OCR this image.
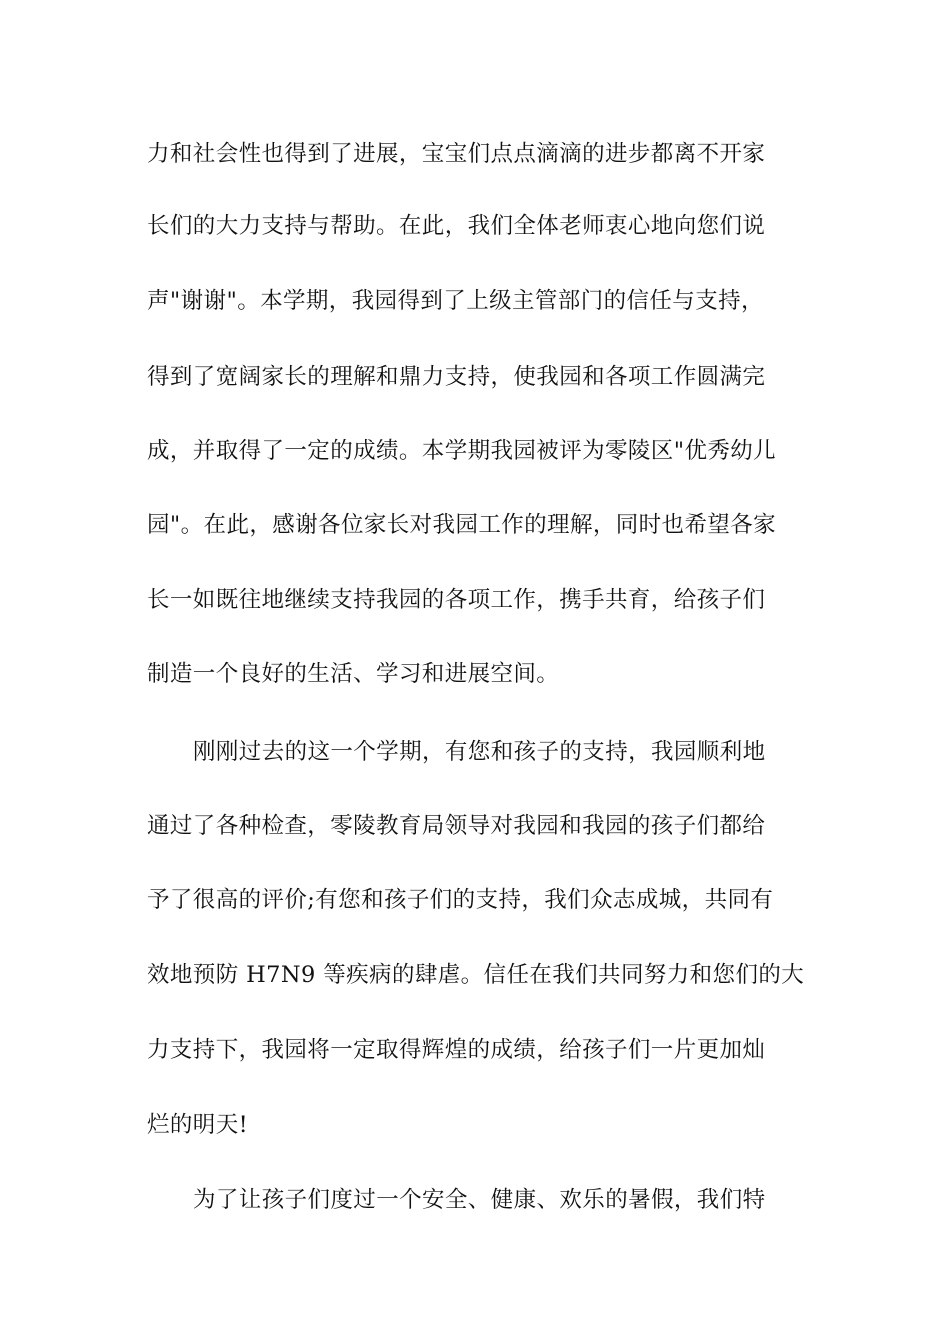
力和社会性也得到了进展，宝宝们点点滴滴的进步都离不开家
长们的大力支持与帮助。在此，我们全体老师衷心地向您们说
声"谢谢"。本学期，我园得到了上级主管部门的信任与支持，
得到了宽阔家长的理解和鼎力支持，使我园和各项工作圆满完
成，并取得了一定的成绩。本学期我园被评为零陵区"优秀幼儿
园"。在此，感谢各位家长对我园工作的理解，同时也希望各家
长一如既往地继续支持我园的各项工作，携手共育，给孩子们
制造一个良好的生活、学习和进展空间。
刚刚过去的这一个学期，有您和孩子的支持，我园顺利地
通过了各种检查，零陵教育局领导对我园和我园的孩子们都给
予了很高的评价;有您和孩子们的支持，我们众志成城，共同有
效地预防 H7N9 等疾病的肆虐。信任在我们共同努力和您们的大
力支持下，我园将一定取得辉煌的成绩，给孩子们一片更加灿
烂的明天!
为了让孩子们度过一个安全、健康、欢乐的暑假，我们特
